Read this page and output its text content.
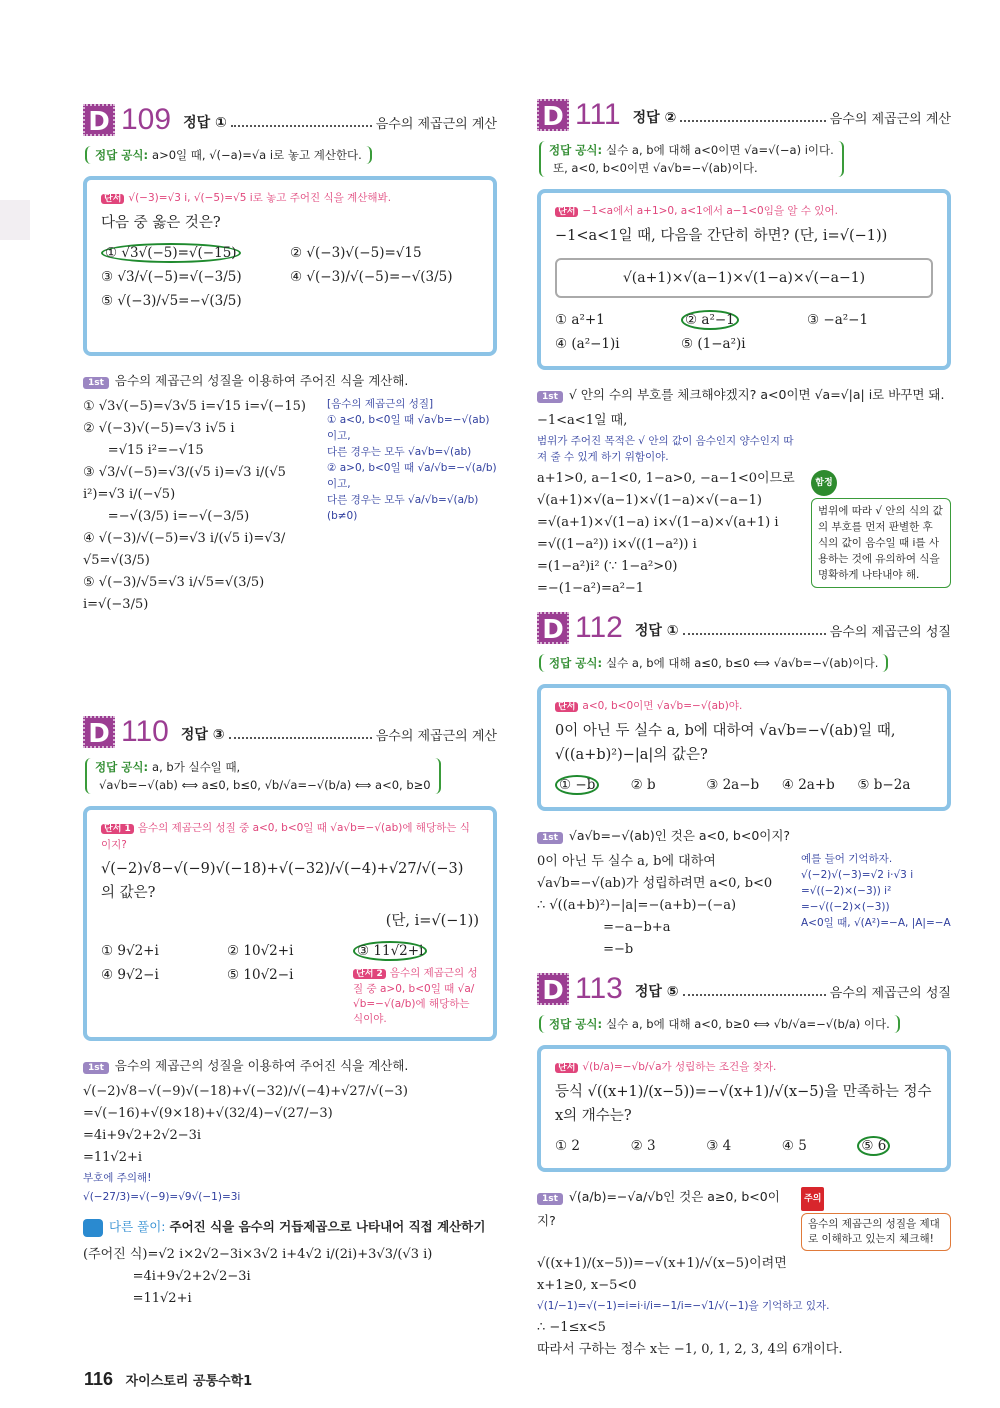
D 109 정답 ①	음수의 제곱근의 계산
정답 공식: a>0일 때, √(−a)=√a i로 놓고 계산한다.
단서 √(−3)=√3 i, √(−5)=√5 i로 놓고 주어진 식을 계산해봐.
다음 중 옳은 것은?
① √3√(−5)=√(−15)	② √(−3)√(−5)=√15
③ √3/√(−5)=√(−3/5)	④ √(−3)/√(−5)=−√(3/5)
⑤ √(−3)/√5=−√(3/5)
1st 음수의 제곱근의 성질을 이용하여 주어진 식을 계산해.
① √3√(−5)=√3√5 i=√15 i=√(−15)
② √(−3)√(−5)=√3 i√5 i
=√15 i²=−√15
③ √3/√(−5)=√3/(√5 i)=√3 i/(√5 i²)=√3 i/(−√5)
=−√(3/5) i=−√(−3/5)
④ √(−3)/√(−5)=√3 i/(√5 i)=√3/√5=√(3/5)
⑤ √(−3)/√5=√3 i/√5=√(3/5) i=√(−3/5)
[음수의 제곱근의 성질]
① a<0, b<0일 때 √a√b=−√(ab)이고,
다른 경우는 모두 √a√b=√(ab)
② a>0, b<0일 때 √a/√b=−√(a/b)이고,
다른 경우는 모두 √a/√b=√(a/b) (b≠0)
D 110 정답 ③	음수의 제곱근의 계산
정답 공식: a, b가 실수일 때,
√a√b=−√(ab) ⟺ a≤0, b≤0, √b/√a=−√(b/a) ⟺ a<0, b≥0
단서 1 음수의 제곱근의 성질 중 a<0, b<0일 때 √a√b=−√(ab)에 해당하는 식이지?
√(−2)√8−√(−9)√(−18)+√(−32)/√(−4)+√27/√(−3) 의 값은?
(단, i=√(−1))
① 9√2+i	② 10√2+i	③ 11√2+i
④ 9√2−i	⑤ 10√2−i	단서 2 음수의 제곱근의 성질 중 a>0, b<0일 때 √a/√b=−√(a/b)에 해당하는 식이야.
1st 음수의 제곱근의 성질을 이용하여 주어진 식을 계산해.
√(−2)√8−√(−9)√(−18)+√(−32)/√(−4)+√27/√(−3)
=√(−16)+√(9×18)+√(32/4)−√(27/−3)
=4i+9√2+2√2−3i
=11√2+i
부호에 주의해!
√(−27/3)=√(−9)=√9√(−1)=3i
다른 풀이: 주어진 식을 음수의 거듭제곱으로 나타내어 직접 계산하기
(주어진 식)=√2 i×2√2−3i×3√2 i+4√2 i/(2i)+3√3/(√3 i)
=4i+9√2+2√2−3i
=11√2+i
D 111 정답 ②	음수의 제곱근의 계산
정답 공식: 실수 a, b에 대해 a<0이면 √a=√(−a) i이다.
또, a<0, b<0이면 √a√b=−√(ab)이다.
단서 −1<a에서 a+1>0, a<1에서 a−1<0임을 알 수 있어.
−1<a<1일 때, 다음을 간단히 하면? (단, i=√(−1))
√(a+1)×√(a−1)×√(1−a)×√(−a−1)
① a²+1	② a²−1	③ −a²−1
④ (a²−1)i	⑤ (1−a²)i
1st √ 안의 수의 부호를 체크해야겠지? a<0이면 √a=√|a| i로 바꾸면 돼.
−1<a<1일 때,
범위가 주어진 목적은 √ 안의 값이 음수인지 양수인지 따져 줄 수 있게 하기 위함이야.
a+1>0, a−1<0, 1−a>0, −a−1<0이므로
√(a+1)×√(a−1)×√(1−a)×√(−a−1)
=√(a+1)×√(1−a) i×√(1−a)×√(a+1) i
=√((1−a²)) i×√((1−a²)) i
=(1−a²)i² (∵ 1−a²>0)
=−(1−a²)=a²−1
함정
범위에 따라 √ 안의 식의 값의 부호를 먼저 판별한 후 식의 값이 음수일 때 i를 사용하는 것에 유의하여 식을 명확하게 나타내야 해.
D 112 정답 ①	음수의 제곱근의 성질
정답 공식: 실수 a, b에 대해 a≤0, b≤0 ⟺ √a√b=−√(ab)이다.
단서 a<0, b<0이면 √a√b=−√(ab)야.
0이 아닌 두 실수 a, b에 대하여 √a√b=−√(ab)일 때, √((a+b)²)−|a|의 값은?
① −b	② b	③ 2a−b	④ 2a+b	⑤ b−2a
1st √a√b=−√(ab)인 것은 a<0, b<0이지?
0이 아닌 두 실수 a, b에 대하여
√a√b=−√(ab)가 성립하려면 a<0, b<0
∴ √((a+b)²)−|a|=−(a+b)−(−a)
=−a−b+a
=−b
예를 들어 기억하자.
√(−2)√(−3)=√2 i·√3 i
=√((−2)×(−3)) i²
=−√((−2)×(−3))
A<0일 때, √(A²)=−A, |A|=−A
D 113 정답 ⑤	음수의 제곱근의 성질
정답 공식: 실수 a, b에 대해 a<0, b≥0 ⟺ √b/√a=−√(b/a) 이다.
단서 √(b/a)=−√b/√a가 성립하는 조건을 찾자.
등식 √((x+1)/(x−5))=−√(x+1)/√(x−5)을 만족하는 정수 x의 개수는?
① 2	② 3	③ 4	④ 5	⑤ 6
1st √(a/b)=−√a/√b인 것은 a≥0, b<0이지?
주의
음수의 제곱근의 성질을 제대로 이해하고 있는지 체크해!
√((x+1)/(x−5))=−√(x+1)/√(x−5)이려면
x+1≥0, x−5<0
√(1/−1)=√(−1)=i=i·i/i=−1/i=−√1/√(−1)을 기억하고 있자.
∴ −1≤x<5
따라서 구하는 정수 x는 −1, 0, 1, 2, 3, 4의 6개이다.
116 자이스토리 공통수학1
